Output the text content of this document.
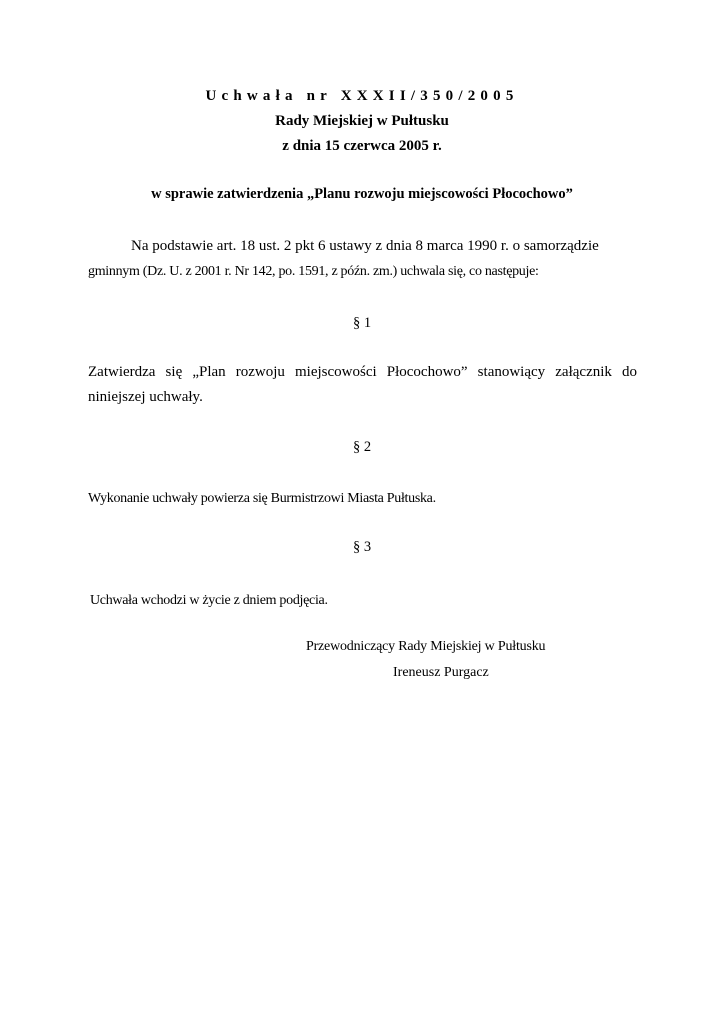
Uchwała nr XXXII/350/2005

Rady Miejskiej w Pułtusku

z dnia 15 czerwca 2005 r.

w sprawie zatwierdzenia „Planu rozwoju miejscowości Płocochowo”

Na podstawie art. 18 ust. 2 pkt 6 ustawy z dnia 8 marca 1990 r. o samorządzie
gminnym (Dz. U. z 2001 r. Nr 142, po. 1591, z późn. zm.) uchwala się, co następuje:

§ 1

Zatwierdza się „Plan rozwoju miejscowości Płocochowo” stanowiący załącznik do niniejszej uchwały.

§ 2

Wykonanie uchwały powierza się Burmistrzowi Miasta Pułtuska.

§ 3

Uchwała wchodzi w życie z dniem podjęcia.

Przewodniczący Rady Miejskiej w Pułtusku

Ireneusz Purgacz
